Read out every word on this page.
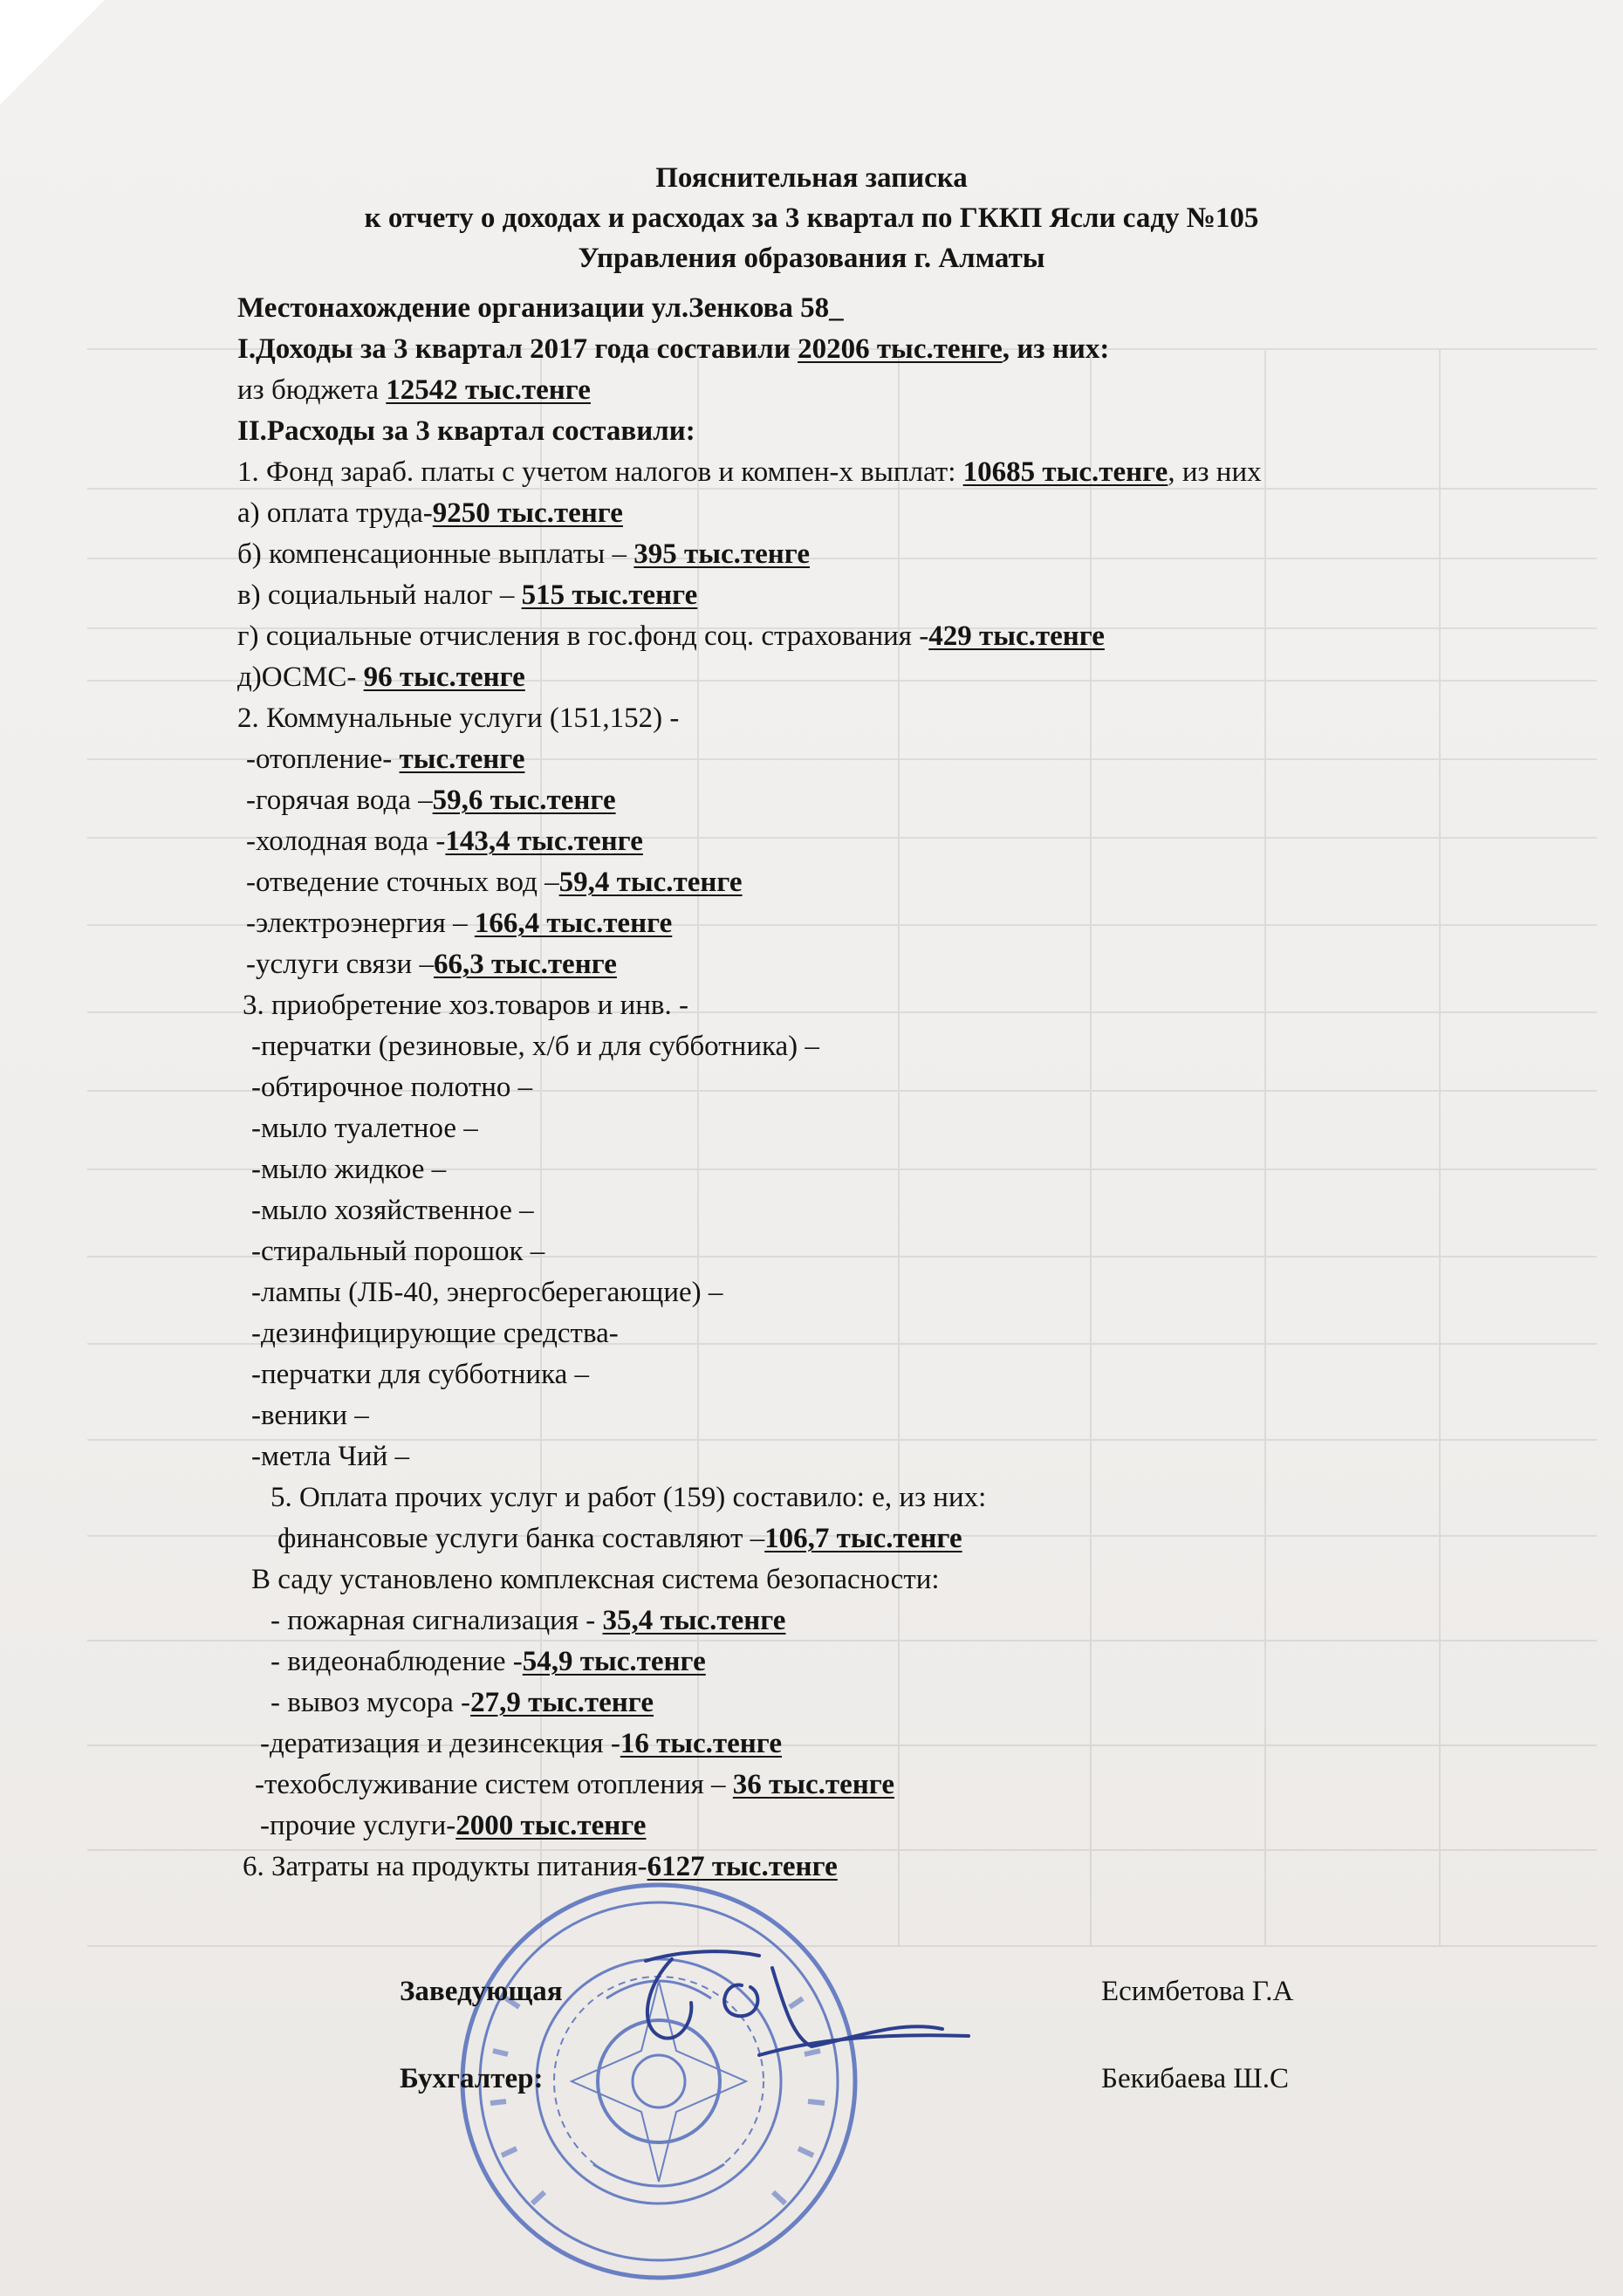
Пояснительная записка
к отчету о доходах и расходах за 3 квартал по ГККП Ясли саду №105
Управления образования г. Алматы
Местонахождение организации ул.Зенкова 58_
I.Доходы за 3 квартал 2017 года составили 20206 тыс.тенге, из них:
из бюджета 12542 тыс.тенге
II.Расходы за 3 квартал составили:
1. Фонд зараб. платы с учетом налогов и компен-х выплат: 10685 тыс.тенге, из них
а) оплата труда-9250 тыс.тенге
б) компенсационные выплаты – 395 тыс.тенге
в) социальный налог – 515 тыс.тенге
г) социальные отчисления в гос.фонд соц. страхования -429 тыс.тенге
д)ОСМС- 96 тыс.тенге
2. Коммунальные услуги (151,152) -
-отопление- тыс.тенге
-горячая вода –59,6 тыс.тенге
-холодная вода -143,4 тыс.тенге
-отведение сточных вод –59,4 тыс.тенге
-электроэнергия – 166,4 тыс.тенге
-услуги связи –66,3 тыс.тенге
3. приобретение хоз.товаров и инв. -
-перчатки (резиновые, х/б и для субботника) –
-обтирочное полотно –
-мыло туалетное –
-мыло жидкое –
-мыло хозяйственное –
-стиральный порошок –
-лампы (ЛБ-40, энергосберегающие) –
-дезинфицирующие средства-
-перчатки для субботника –
-веники –
-метла Чий –
5. Оплата прочих услуг и работ (159) составило: е, из них:
финансовые услуги банка составляют –106,7 тыс.тенге
В саду установлено комплексная система безопасности:
- пожарная сигнализация - 35,4 тыс.тенге
- видеонаблюдение -54,9 тыс.тенге
- вывоз мусора -27,9 тыс.тенге
-дератизация и дезинсекция -16 тыс.тенге
-техобслуживание систем отопления – 36 тыс.тенге
-прочие услуги-2000 тыс.тенге
6. Затраты на продукты питания-6127 тыс.тенге
Заведующая	Есимбетова Г.А
Бухгалтер:	Бекибаева Ш.С
